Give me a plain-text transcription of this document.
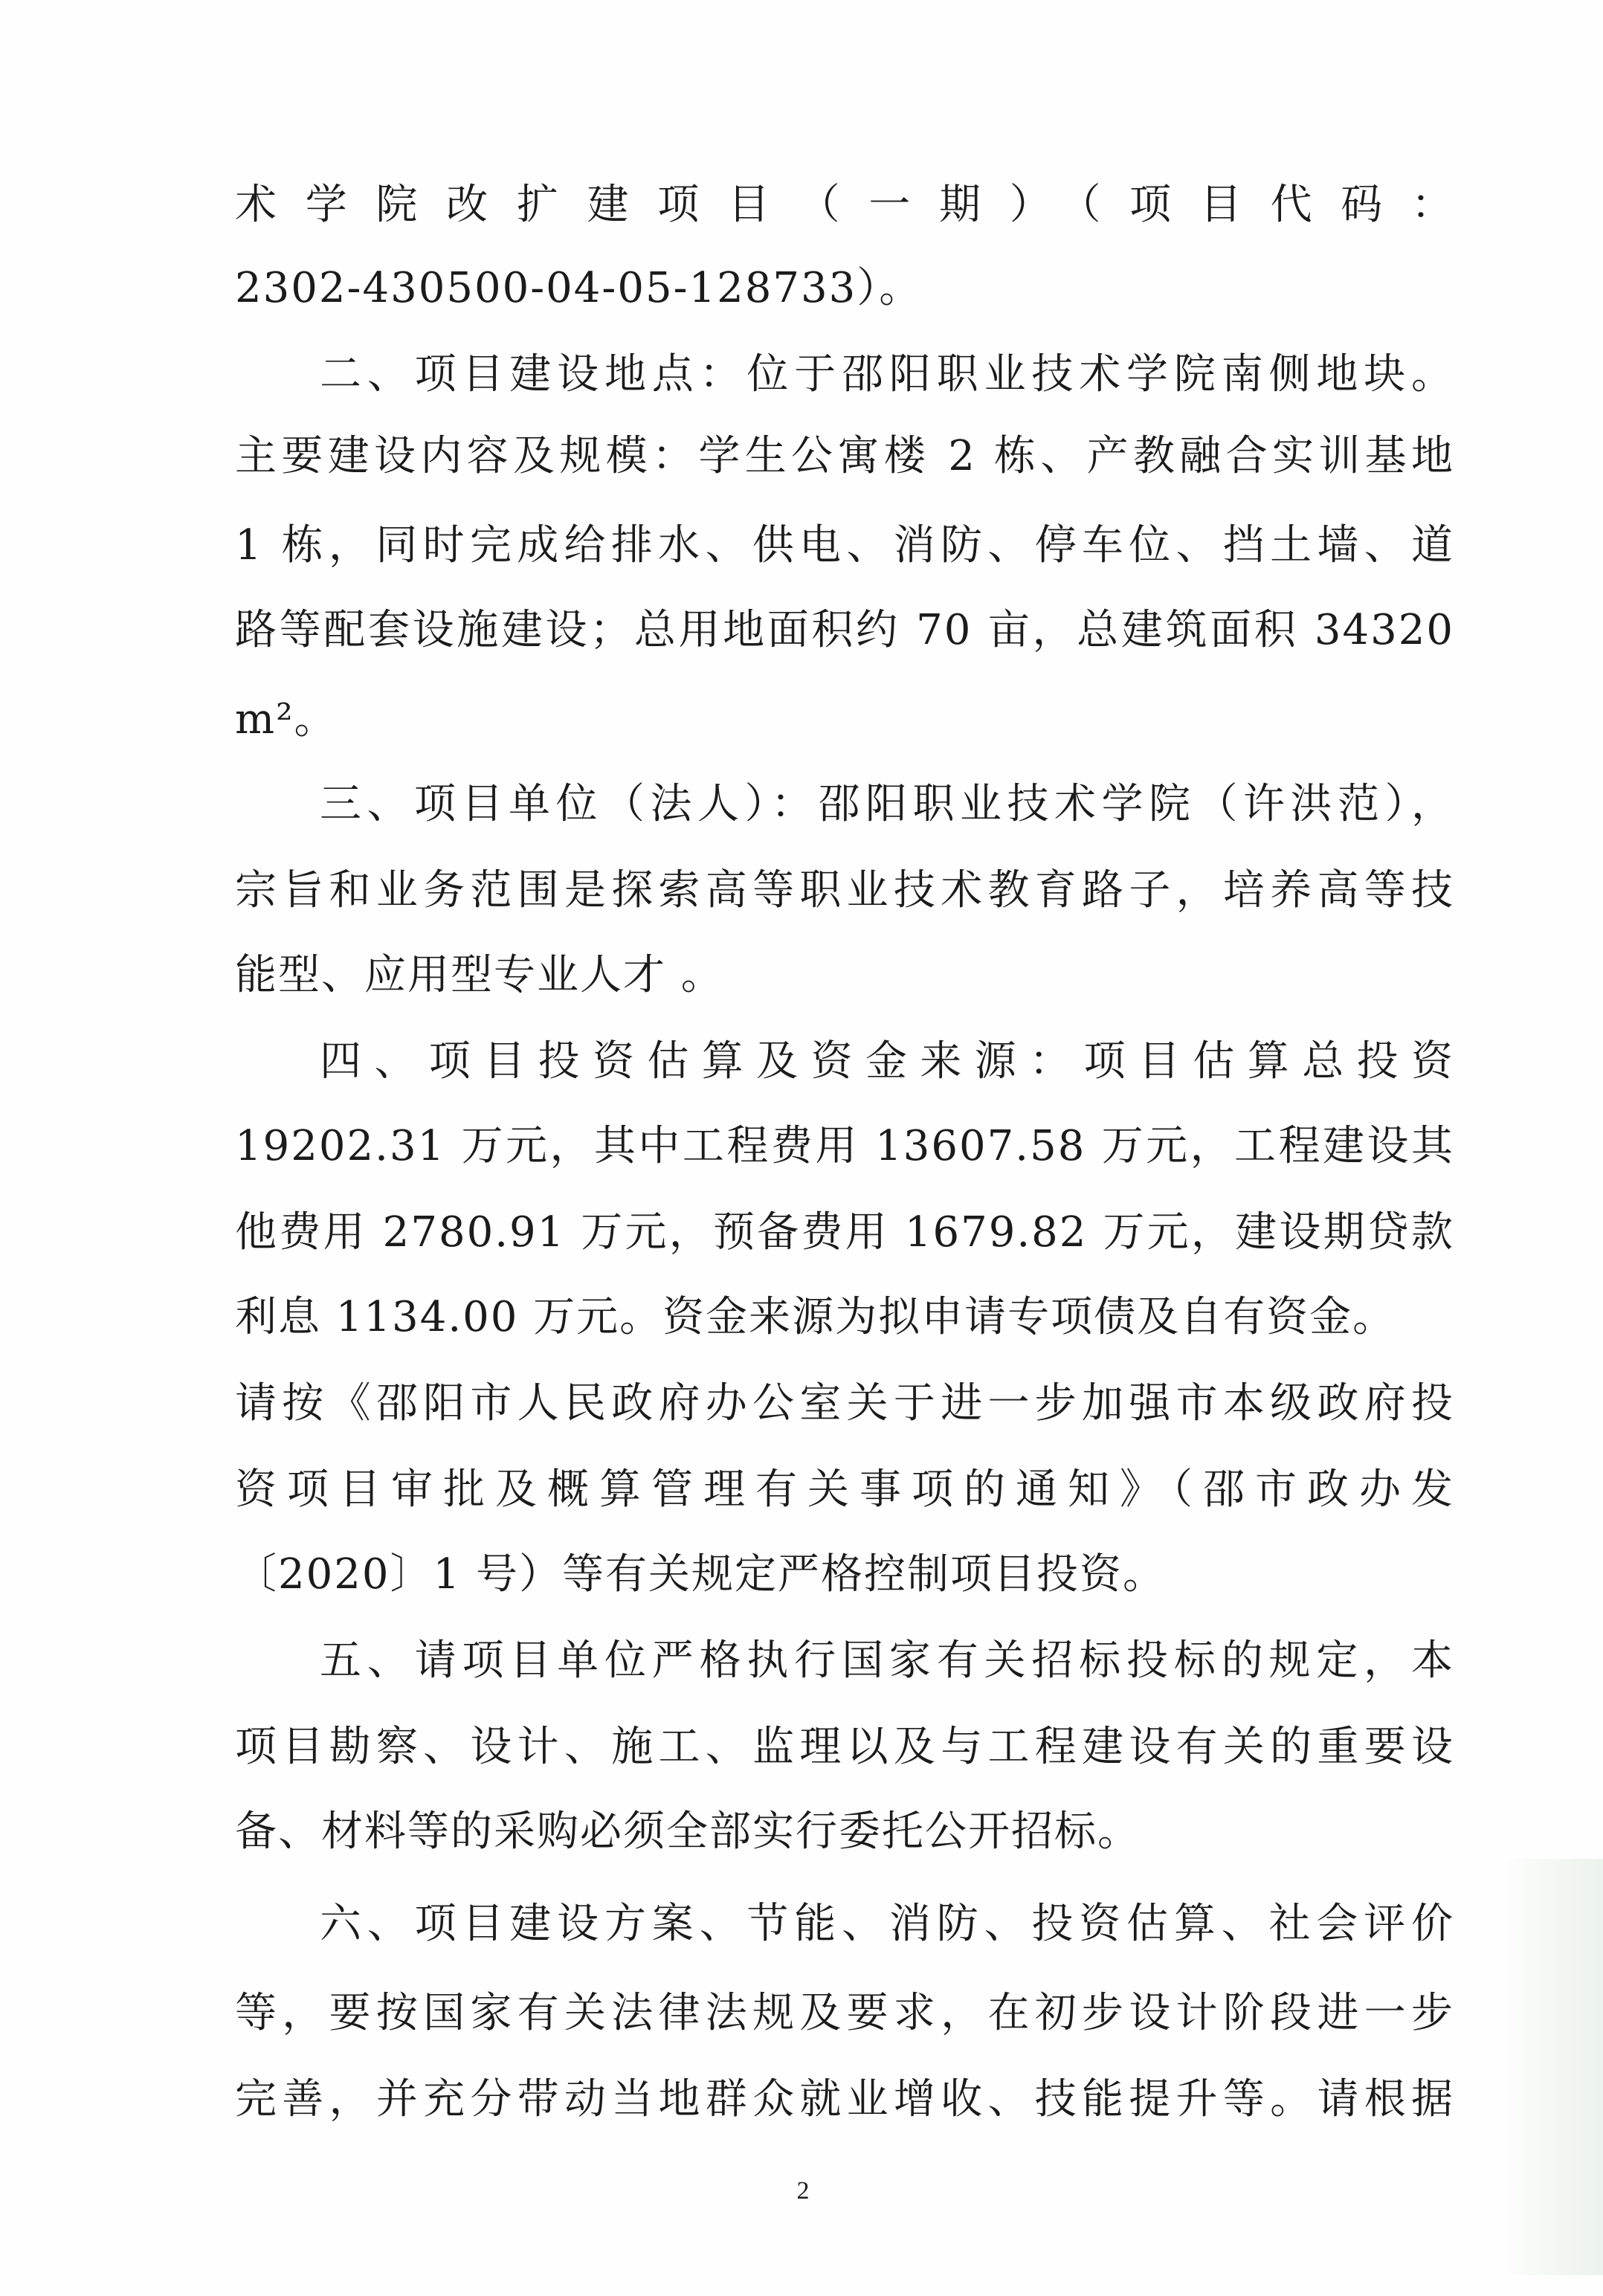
术学院改扩建项目（一期）（项目代码：
2302-430500-04-05-128733）。
二、项目建设地点：位于邵阳职业技术学院南侧地块。
主要建设内容及规模：学生公寓楼 2 栋、产教融合实训基地
1 栋，同时完成给排水、供电、消防、停车位、挡土墙、道
路等配套设施建设；总用地面积约 70 亩，总建筑面积 34320
m²。
三、项目单位（法人）：邵阳职业技术学院（许洪范），
宗旨和业务范围是探索高等职业技术教育路子，培养高等技
能型、应用型专业人才 。
四、项目投资估算及资金来源：项目估算总投资
19202.31 万元，其中工程费用 13607.58 万元，工程建设其
他费用 2780.91 万元，预备费用 1679.82 万元，建设期贷款
利息 1134.00 万元。资金来源为拟申请专项债及自有资金。
请按《邵阳市人民政府办公室关于进一步加强市本级政府投
资项目审批及概算管理有关事项的通知》（邵市政办发
〔2020〕1 号）等有关规定严格控制项目投资。
五、请项目单位严格执行国家有关招标投标的规定，本
项目勘察、设计、施工、监理以及与工程建设有关的重要设
备、材料等的采购必须全部实行委托公开招标。
六、项目建设方案、节能、消防、投资估算、社会评价
等，要按国家有关法律法规及要求，在初步设计阶段进一步
完善，并充分带动当地群众就业增收、技能提升等。请根据
2
